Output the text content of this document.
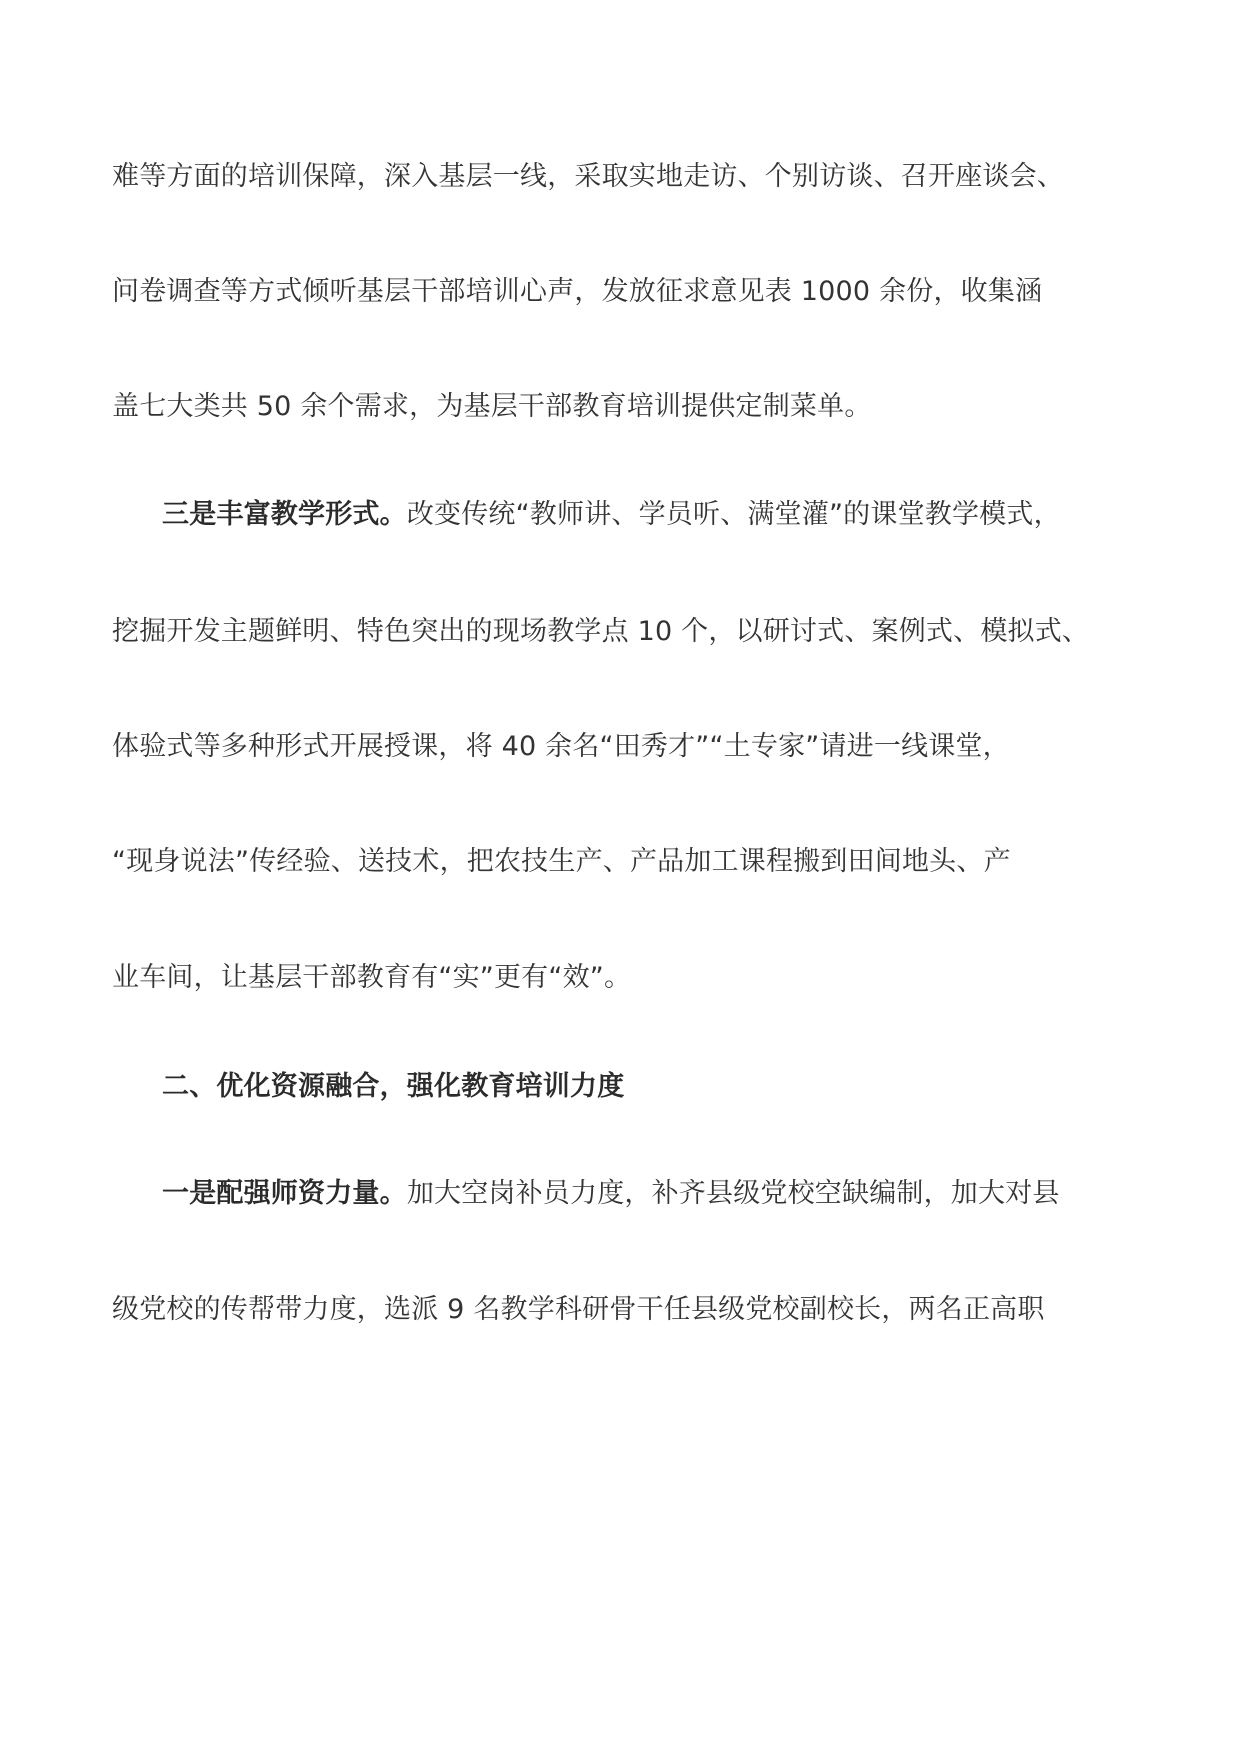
难等方面的培训保障，深入基层一线，采取实地走访、个别访谈、召开座谈会、
问卷调查等方式倾听基层干部培训心声，发放征求意见表 1000 余份，收集涵
盖七大类共 50 余个需求，为基层干部教育培训提供定制菜单。
三是丰富教学形式。改变传统“教师讲、学员听、满堂灌”的课堂教学模式，
挖掘开发主题鲜明、特色突出的现场教学点 10 个，以研讨式、案例式、模拟式、
体验式等多种形式开展授课，将 40 余名“田秀才”“土专家”请进一线课堂，
“现身说法”传经验、送技术，把农技生产、产品加工课程搬到田间地头、产
业车间，让基层干部教育有“实”更有“效”。
二、优化资源融合，强化教育培训力度
一是配强师资力量。加大空岗补员力度，补齐县级党校空缺编制，加大对县
级党校的传帮带力度，选派 9 名教学科研骨干任县级党校副校长，两名正高职
